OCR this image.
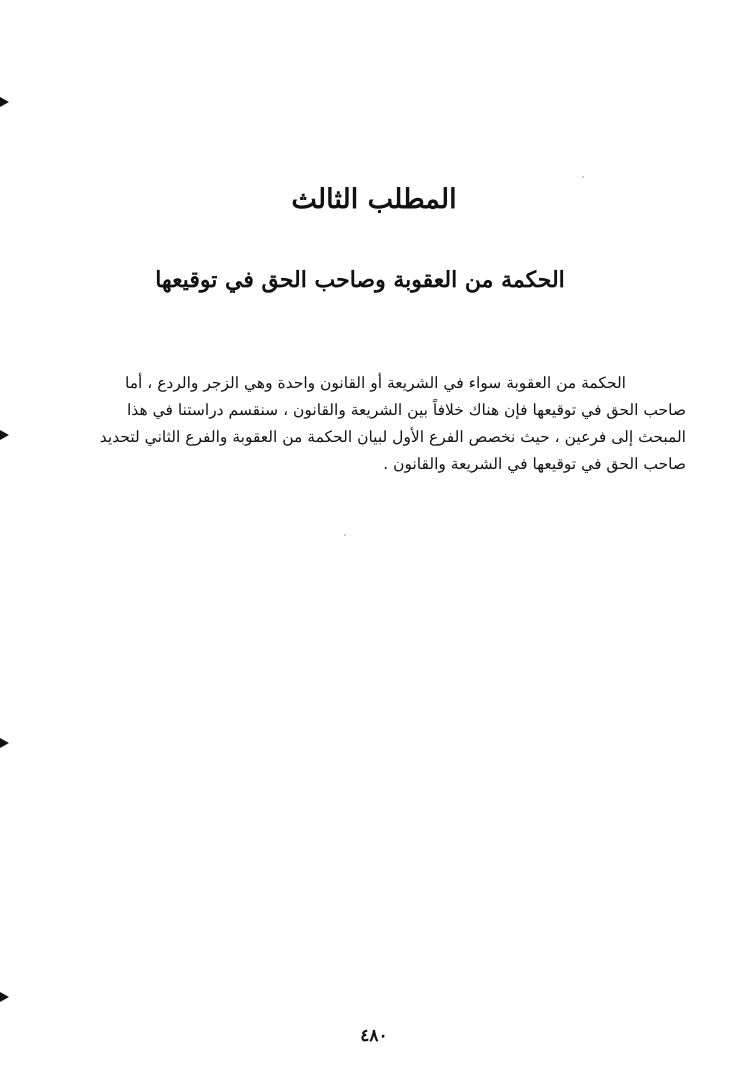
المطلب الثالث
الحكمة من العقوبة وصاحب الحق في توقيعها

الحكمة من العقوبة سواء في الشريعة أو القانون واحدة وهي الزجر والردع ، أما
صاحب الحق في توقيعها فإن هناك خلافاً بين الشريعة والقانون ، سنقسم دراستنا في هذا
المبحث إلى فرعين ، حيث نخصص الفرع الأول لبيان الحكمة من العقوبة والفرع الثاني لتحديد
صاحب الحق في توقيعها في الشريعة والقانون .

٤٨٠
